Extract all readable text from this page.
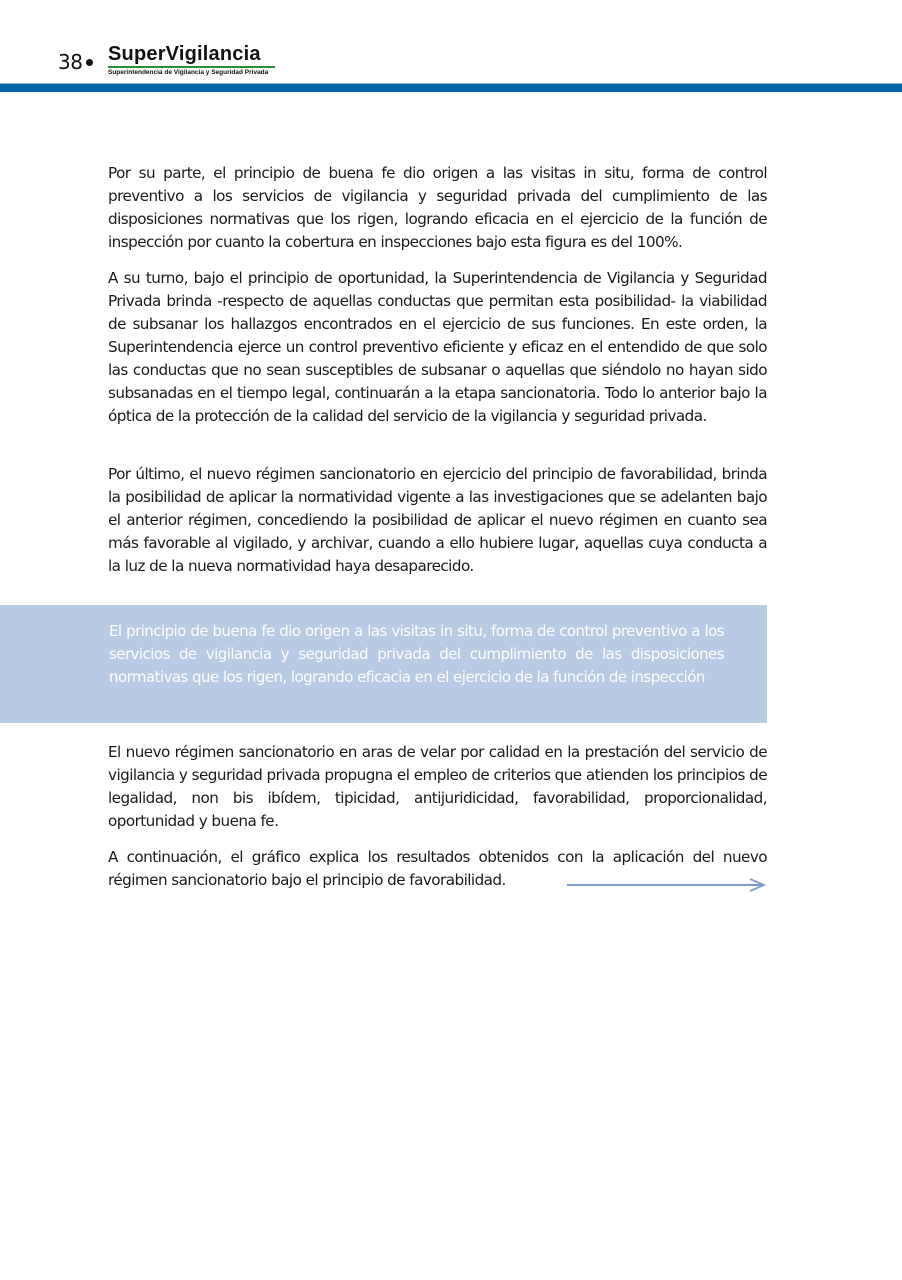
38 SuperVigilancia
Superintendencia de Vigilancia y Seguridad Privada

Por su parte, el principio de buena fe dio origen a las visitas in situ, forma de control preventivo a los servicios de vigilancia y seguridad privada del cumplimiento de las disposiciones normativas que los rigen, logrando eficacia en el ejercicio de la función de inspección por cuanto la cobertura en inspecciones bajo esta figura es del 100%.

A su turno, bajo el principio de oportunidad, la Superintendencia de Vigilancia y Seguridad Privada brinda -respecto de aquellas conductas que permitan esta posibilidad- la viabilidad de subsanar los hallazgos encontrados en el ejercicio de sus funciones. En este orden, la Superintendencia ejerce un control preventivo eficiente y eficaz en el entendido de que solo las conductas que no sean susceptibles de subsanar o aquellas que siéndolo no hayan sido subsanadas en el tiempo legal, continuarán a la etapa sancionatoria. Todo lo anterior bajo la óptica de la protección de la calidad del servicio de la vigilancia y seguridad privada.

Por último, el nuevo régimen sancionatorio en ejercicio del principio de favorabilidad, brinda la posibilidad de aplicar la normatividad vigente a las investigaciones que se adelanten bajo el anterior régimen, concediendo la posibilidad de aplicar el nuevo régimen en cuanto sea más favorable al vigilado, y archivar, cuando a ello hubiere lugar, aquellas cuya conducta a la luz de la nueva normatividad haya desaparecido.

El principio de buena fe dio origen a las visitas in situ, forma de control preventivo a los servicios de vigilancia y seguridad privada del cumplimiento de las disposiciones normativas que los rigen, logrando eficacia en el ejercicio de la función de inspección

El nuevo régimen sancionatorio en aras de velar por calidad en la prestación del servicio de vigilancia y seguridad privada propugna el empleo de criterios que atienden los principios de legalidad, non bis ibídem, tipicidad, antijuridicidad, favorabilidad, proporcionalidad, oportunidad y buena fe.

A continuación, el gráfico explica los resultados obtenidos con la aplicación del nuevo régimen sancionatorio bajo el principio de favorabilidad.
